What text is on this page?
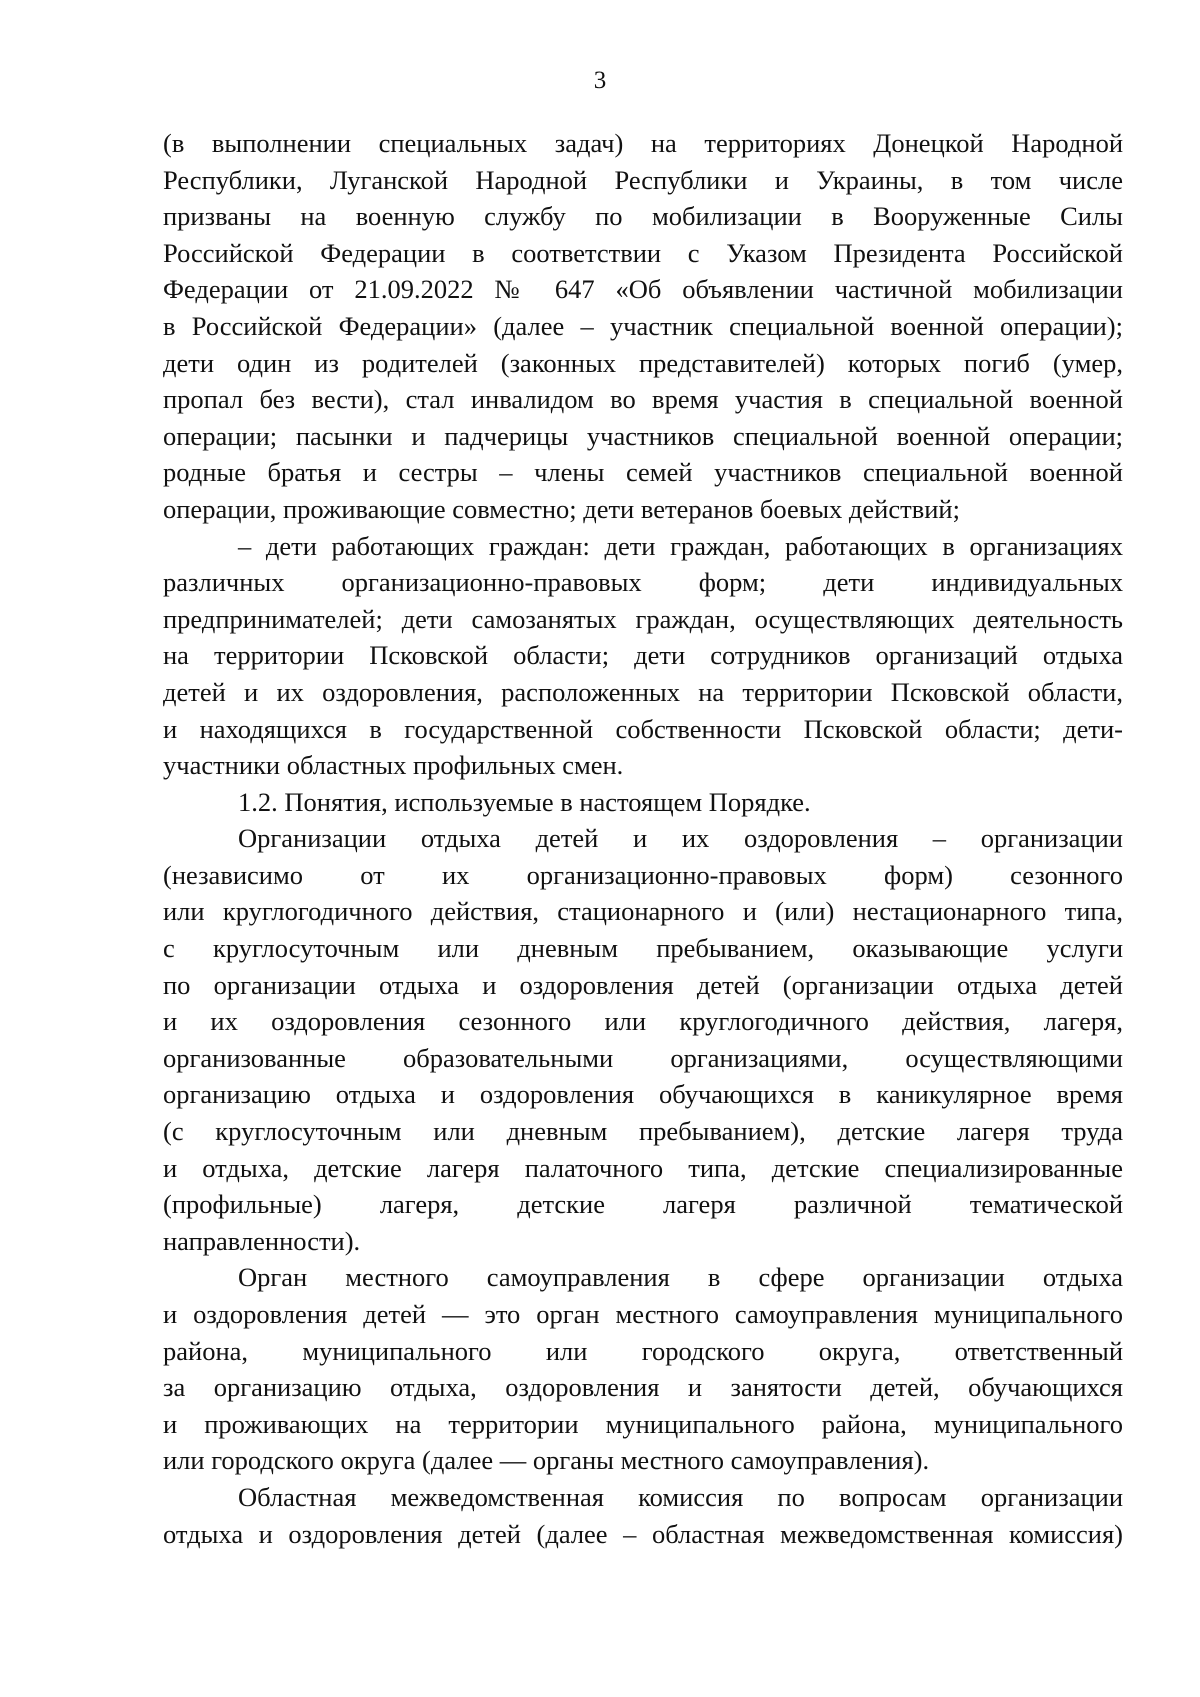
3
(в выполнении специальных задач) на территориях Донецкой Народной
Республики, Луганской Народной Республики и Украины, в том числе
призваны на военную службу по мобилизации в Вооруженные Силы
Российской Федерации в соответствии с Указом Президента Российской
Федерации от 21.09.2022 № 647 «Об объявлении частичной мобилизации
в Российской Федерации» (далее – участник специальной военной операции);
дети один из родителей (законных представителей) которых погиб (умер,
пропал без вести), стал инвалидом во время участия в специальной военной
операции; пасынки и падчерицы участников специальной военной операции;
родные братья и сестры – члены семей участников специальной военной
операции, проживающие совместно; дети ветеранов боевых действий;
– дети работающих граждан: дети граждан, работающих в организациях
различных организационно-правовых форм; дети индивидуальных
предпринимателей; дети самозанятых граждан, осуществляющих деятельность
на территории Псковской области; дети сотрудников организаций отдыха
детей и их оздоровления, расположенных на территории Псковской области,
и находящихся в государственной собственности Псковской области; дети-
участники областных профильных смен.
1.2. Понятия, используемые в настоящем Порядке.
Организации отдыха детей и их оздоровления – организации
(независимо от их организационно-правовых форм) сезонного
или круглогодичного действия, стационарного и (или) нестационарного типа,
с круглосуточным или дневным пребыванием, оказывающие услуги
по организации отдыха и оздоровления детей (организации отдыха детей
и их оздоровления сезонного или круглогодичного действия, лагеря,
организованные образовательными организациями, осуществляющими
организацию отдыха и оздоровления обучающихся в каникулярное время
(с круглосуточным или дневным пребыванием), детские лагеря труда
и отдыха, детские лагеря палаточного типа, детские специализированные
(профильные) лагеря, детские лагеря различной тематической
направленности).
Орган местного самоуправления в сфере организации отдыха
и оздоровления детей — это орган местного самоуправления муниципального
района, муниципального или городского округа, ответственный
за организацию отдыха, оздоровления и занятости детей, обучающихся
и проживающих на территории муниципального района, муниципального
или городского округа (далее — органы местного самоуправления).
Областная межведомственная комиссия по вопросам организации
отдыха и оздоровления детей (далее – областная межведомственная комиссия)
